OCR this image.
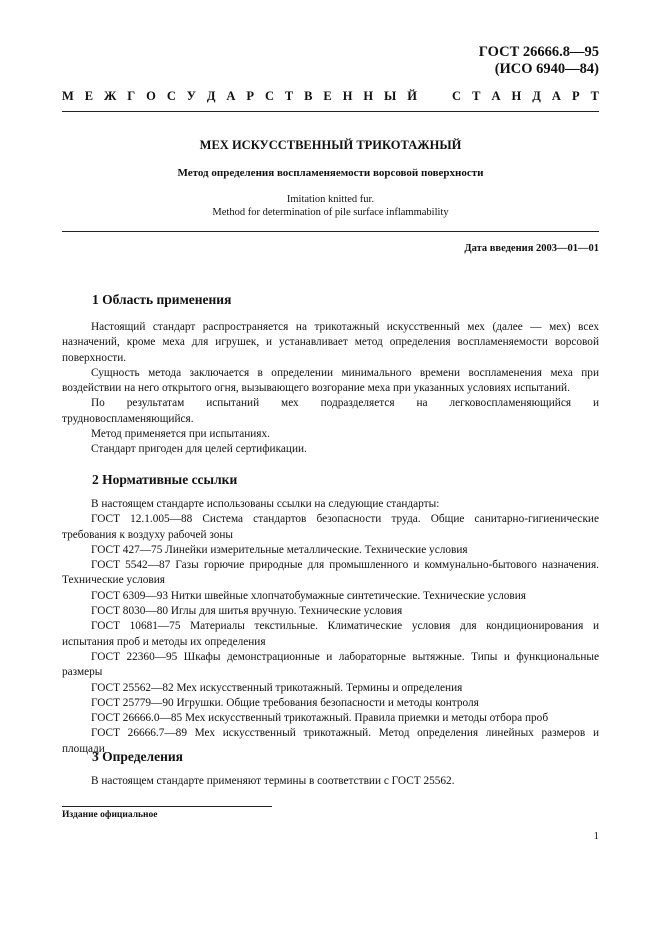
ГОСТ 26666.8—95
(ИСО 6940—84)
М Е Ж Г О С У Д А Р С Т В Е Н Н Ы Й	С Т А Н Д А Р Т
МЕХ ИСКУССТВЕННЫЙ ТРИКОТАЖНЫЙ
Метод определения воспламеняемости ворсовой поверхности
Imitation knitted fur.
Method for determination of pile surface inflammability
Дата введения 2003—01—01
1 Область применения

Настоящий стандарт распространяется на трикотажный искусственный мех (далее — мех) всех назначений, кроме меха для игрушек, и устанавливает метод определения воспламеняемости ворсовой поверхности.

Сущность метода заключается в определении минимального времени воспламенения меха при воздействии на него открытого огня, вызывающего возгорание меха при указанных условиях испытаний.

По результатам испытаний мех подразделяется на легковоспламеняющийся и трудновоспламеняющийся.

Метод применяется при испытаниях.

Стандарт пригоден для целей сертификации.

2 Нормативные ссылки

В настоящем стандарте использованы ссылки на следующие стандарты:

ГОСТ 12.1.005—88 Система стандартов безопасности труда. Общие санитарно-гигиенические требования к воздуху рабочей зоны

ГОСТ 427—75 Линейки измерительные металлические. Технические условия

ГОСТ 5542—87 Газы горючие природные для промышленного и коммунально-бытового назначения. Технические условия

ГОСТ 6309—93 Нитки швейные хлопчатобумажные синтетические. Технические условия

ГОСТ 8030—80 Иглы для шитья вручную. Технические условия

ГОСТ 10681—75 Материалы текстильные. Климатические условия для кондиционирования и испытания проб и методы их определения

ГОСТ 22360—95 Шкафы демонстрационные и лабораторные вытяжные. Типы и функциональные размеры

ГОСТ 25562—82 Мех искусственный трикотажный. Термины и определения

ГОСТ 25779—90 Игрушки. Общие требования безопасности и методы контроля

ГОСТ 26666.0—85 Мех искусственный трикотажный. Правила приемки и методы отбора проб

ГОСТ 26666.7—89 Мех искусственный трикотажный. Метод определения линейных размеров и площади

3 Определения

В настоящем стандарте применяют термины в соответствии с ГОСТ 25562.

Издание официальное
1
